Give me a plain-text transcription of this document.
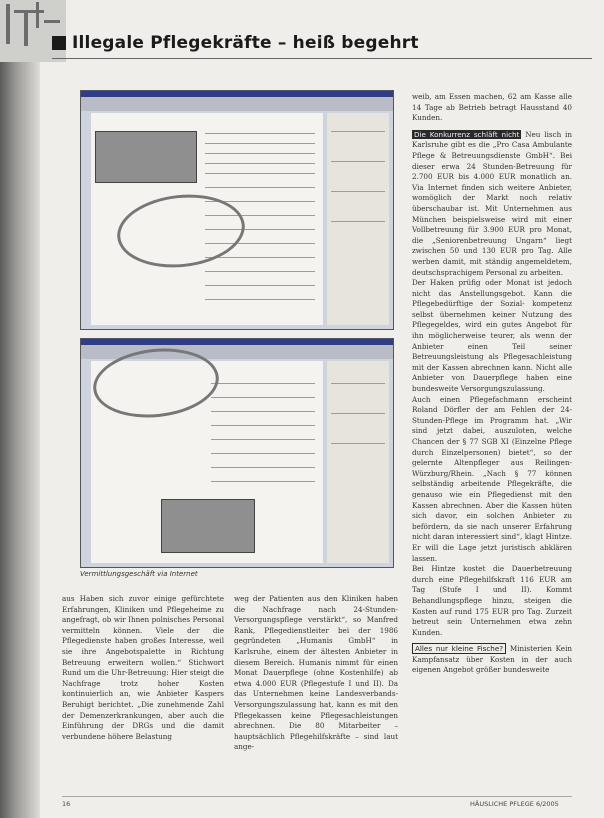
Illegale Pflegekräfte – heiß begehrt
Vermittlungsgeschäft via Internet

weib, am Essen machen, 62 am Kasse alle 14 Tage ab Betrieb betragt Hausstand 40 Kunden.

Die Konkurrenz schläft nicht Neu lisch in Karlsruhe gibt es die „Pro Casa Ambulante Pflege & Betreuungsdienste GmbH“. Bei dieser erwa 24 Stunden-Betreuung für 2.700 EUR bis 4.000 EUR monatlich an. Via Internet finden sich weitere Anbieter, womöglich der Markt noch relativ überschaubar ist. Mit Unternehmen aus München beispielsweise wird mit einer Vollbetreuung für 3.900 EUR pro Monat, die „Seniorenbetreuung Ungarn“ liegt zwischen 50 und 130 EUR pro Tag. Alle werben damit, mit ständig angemeldetem, deutschsprachigem Personal zu arbeiten.

Der Haken prüfig oder Monat ist jedoch nicht das Anstellungsgebot. Kann die Pflegebedürftige der Sozial- kompetenz selbst übernehmen keiner Nutzung des Pflegegeldes, wird ein gutes Angebot für ihn möglicherweise teurer, als wenn der Anbieter einen Teil seiner Betreuungsleistung als Pflegesachleistung mit der Kassen abrechnen kann. Nicht alle Anbieter von Dauerpflege haben eine bundesweite Versorgungszulassung.

Auch einen Pflegefachmann erscheint Roland Dörfler der am Fehlen der 24-Stunden-Pflege im Programm hat. „Wir sind jetzt dabei, auszuloten, welche Chancen der § 77 SGB XI (Einzelne Pflege durch Einzelpersonen) bietet“, so der gelernte Altenpfleger aus Reilingen-Würzburg/Rhein. „Nach § 77 können selbständig arbeitende Pflegekräfte, die genauso wie ein Pflegedienst mit den Kassen abrechnen. Aber die Kassen hüten sich davor, ein solchen Anbieter zu befördern, da sie nach unserer Erfahrung nicht daran interessiert sind“, klagt Hintze. Er will die Lage jetzt juristisch abklären lassen.

Bei Hintze kostet die Dauerbetreuung durch eine Pflegehilfskraft 116 EUR am Tag (Stufe I und II). Kommt Behandlungspflege hinzu, steigen die Kosten auf rund 175 EUR pro Tag. Zurzeit betreut sein Unternehmen etwa zehn Kunden.

Alles nur kleine Fische? Ministerien Kein Kampfansatz über Kosten in der auch eigenen Angebot größer bundesweite

aus Haben sich zuvor einige gefürchtete Erfahrungen, Kliniken und Pflegeheime zu angefragt, ob wir Ihnen polnisches Personal vermitteln können. Viele der die Pflegedienste haben großes Interesse, weil sie ihre Angebotspalette in Richtung Betreuung erweitern wollen.“ Stichwort Rund um die Uhr-Betreuung: Hier steigt die Nachfrage trotz hoher Kosten kontinuierlich an, wie Anbieter Kaspers Beruhigt berichtet. „Die zunehmende Zahl der Demenzerkrankungen, aber auch die Einführung der DRGs und die damit verbundene höhere Belastung

weg der Patienten aus den Kliniken haben die Nachfrage nach 24-Stunden-Versorgungspflege verstärkt“, so Manfred Rank, Pflegedienstleiter bei der 1986 gegründeten „Humanis GmbH“ in Karlsruhe, einem der ältesten Anbieter in diesem Bereich. Humanis nimmt für einen Monat Dauerpflege (ohne Kostenhilfe) ab etwa 4.000 EUR (Pflegestufe I und II). Da das Unternehmen keine Landesverbands-Versorgungszulassung hat, kann es mit den Pflegekassen keine Pflegesachleistungen abrechnen. Die 80 Mitarbeiter – hauptsächlich Pflegehilfskräfte – sind laut ange-

16	HÄUSLICHE PFLEGE 6/2005
